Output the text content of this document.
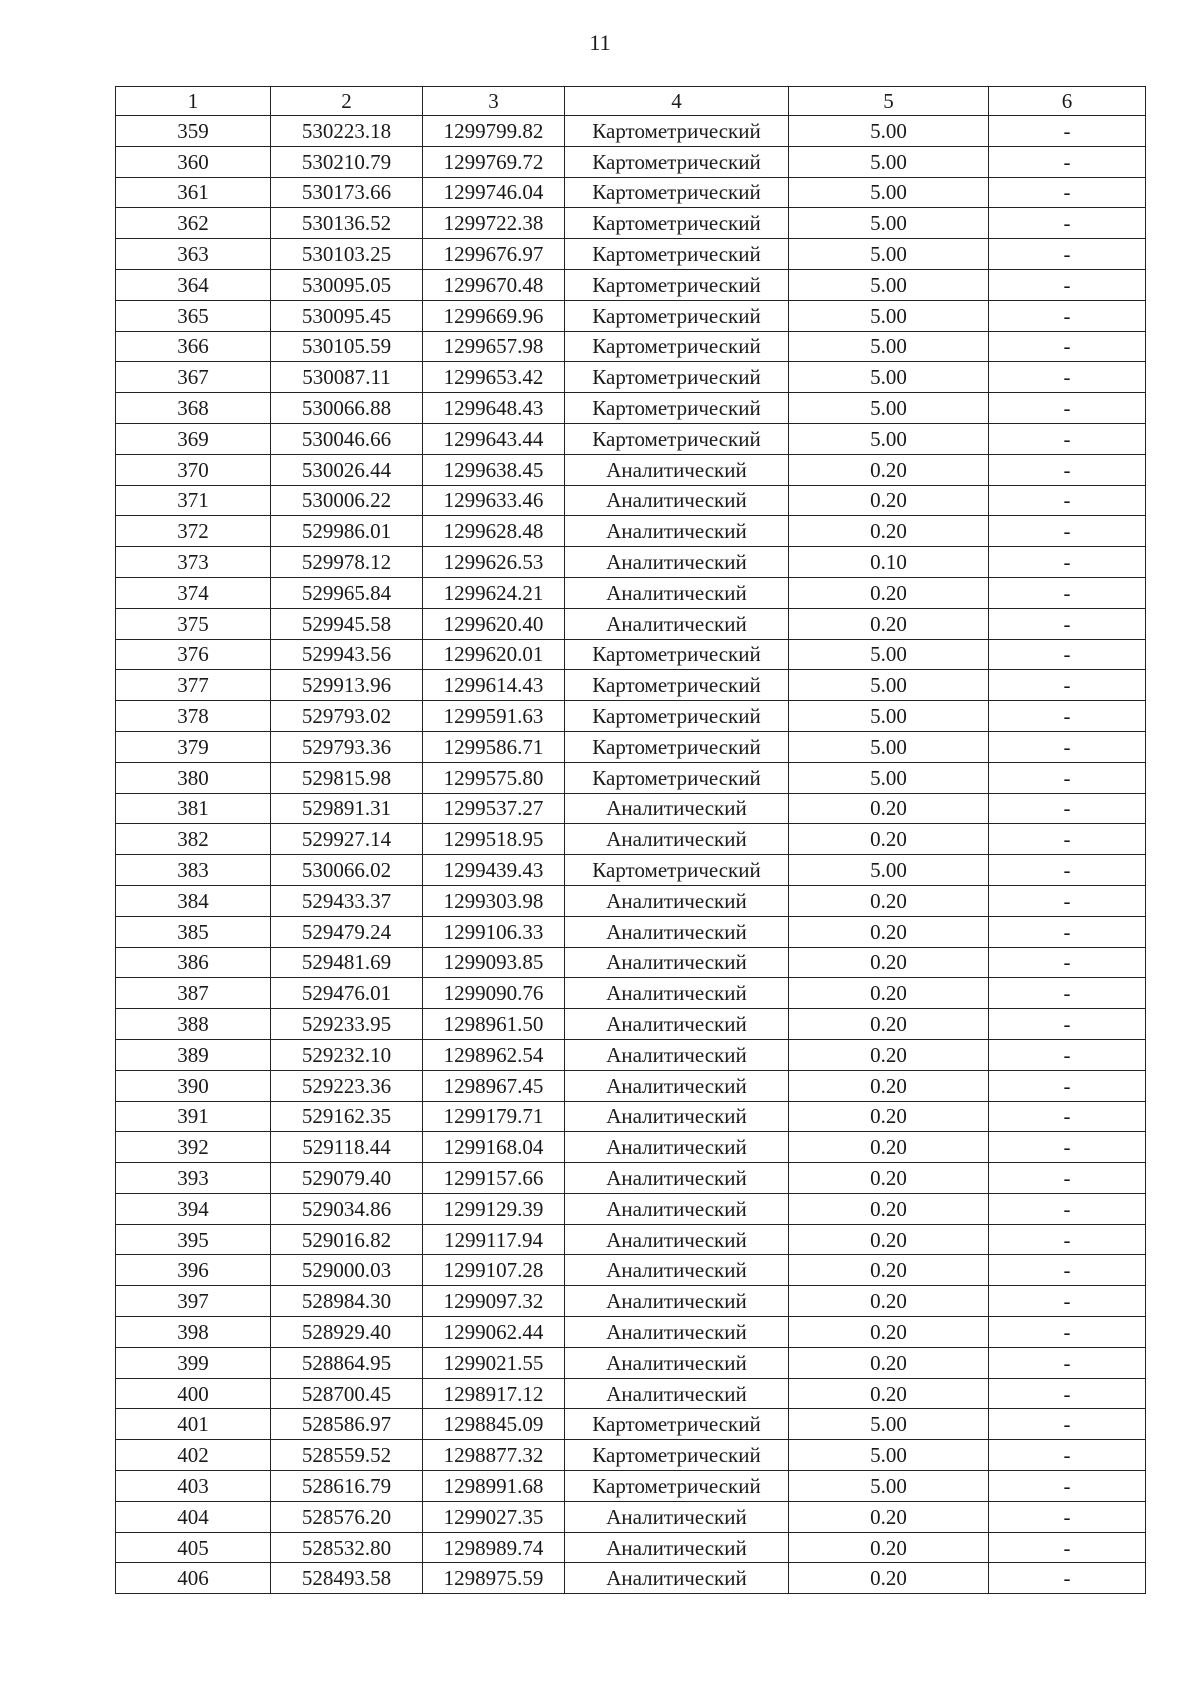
11
1	2	3	4	5	6
359	530223.18	1299799.82	Картометрический	5.00	-
360	530210.79	1299769.72	Картометрический	5.00	-
361	530173.66	1299746.04	Картометрический	5.00	-
362	530136.52	1299722.38	Картометрический	5.00	-
363	530103.25	1299676.97	Картометрический	5.00	-
364	530095.05	1299670.48	Картометрический	5.00	-
365	530095.45	1299669.96	Картометрический	5.00	-
366	530105.59	1299657.98	Картометрический	5.00	-
367	530087.11	1299653.42	Картометрический	5.00	-
368	530066.88	1299648.43	Картометрический	5.00	-
369	530046.66	1299643.44	Картометрический	5.00	-
370	530026.44	1299638.45	Аналитический	0.20	-
371	530006.22	1299633.46	Аналитический	0.20	-
372	529986.01	1299628.48	Аналитический	0.20	-
373	529978.12	1299626.53	Аналитический	0.10	-
374	529965.84	1299624.21	Аналитический	0.20	-
375	529945.58	1299620.40	Аналитический	0.20	-
376	529943.56	1299620.01	Картометрический	5.00	-
377	529913.96	1299614.43	Картометрический	5.00	-
378	529793.02	1299591.63	Картометрический	5.00	-
379	529793.36	1299586.71	Картометрический	5.00	-
380	529815.98	1299575.80	Картометрический	5.00	-
381	529891.31	1299537.27	Аналитический	0.20	-
382	529927.14	1299518.95	Аналитический	0.20	-
383	530066.02	1299439.43	Картометрический	5.00	-
384	529433.37	1299303.98	Аналитический	0.20	-
385	529479.24	1299106.33	Аналитический	0.20	-
386	529481.69	1299093.85	Аналитический	0.20	-
387	529476.01	1299090.76	Аналитический	0.20	-
388	529233.95	1298961.50	Аналитический	0.20	-
389	529232.10	1298962.54	Аналитический	0.20	-
390	529223.36	1298967.45	Аналитический	0.20	-
391	529162.35	1299179.71	Аналитический	0.20	-
392	529118.44	1299168.04	Аналитический	0.20	-
393	529079.40	1299157.66	Аналитический	0.20	-
394	529034.86	1299129.39	Аналитический	0.20	-
395	529016.82	1299117.94	Аналитический	0.20	-
396	529000.03	1299107.28	Аналитический	0.20	-
397	528984.30	1299097.32	Аналитический	0.20	-
398	528929.40	1299062.44	Аналитический	0.20	-
399	528864.95	1299021.55	Аналитический	0.20	-
400	528700.45	1298917.12	Аналитический	0.20	-
401	528586.97	1298845.09	Картометрический	5.00	-
402	528559.52	1298877.32	Картометрический	5.00	-
403	528616.79	1298991.68	Картометрический	5.00	-
404	528576.20	1299027.35	Аналитический	0.20	-
405	528532.80	1298989.74	Аналитический	0.20	-
406	528493.58	1298975.59	Аналитический	0.20	-
